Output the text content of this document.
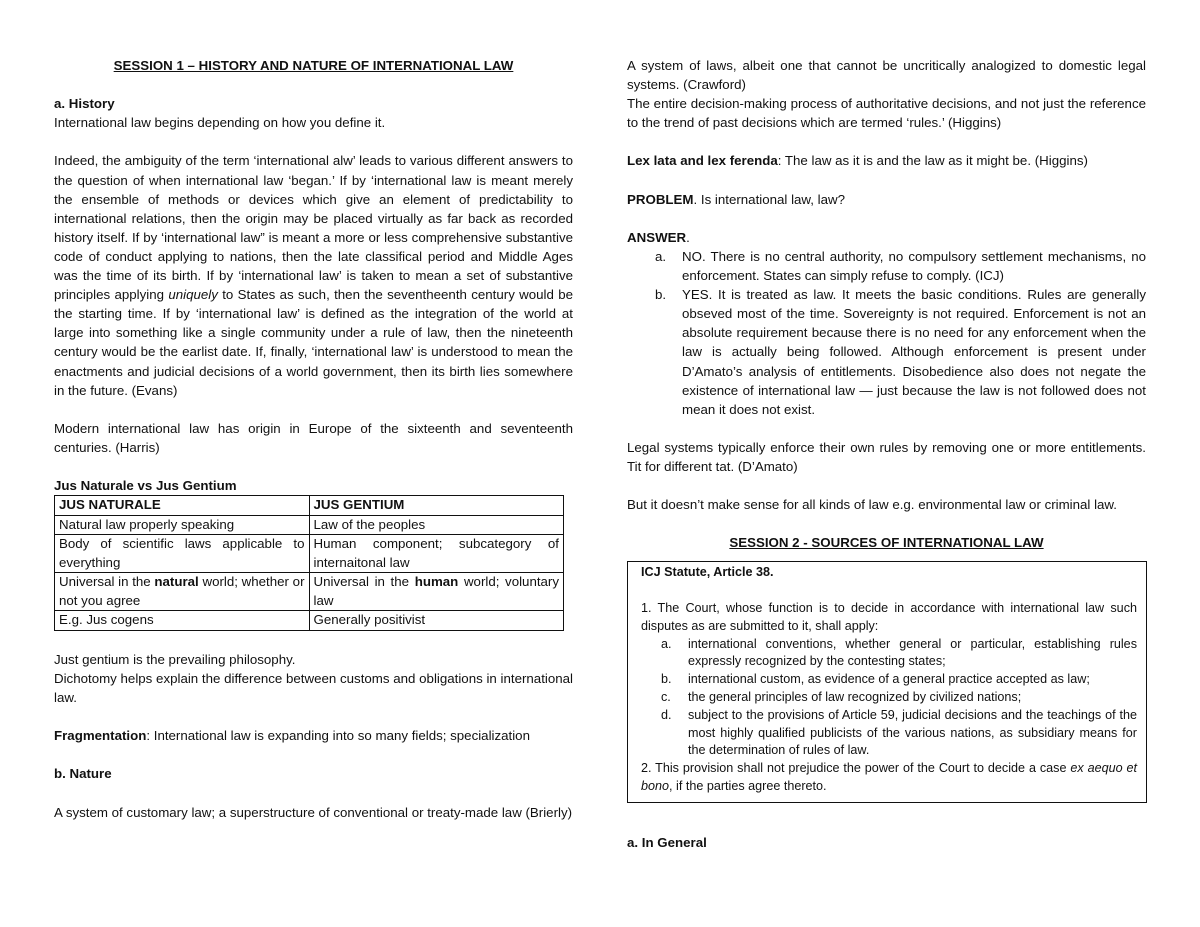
SESSION 1 – HISTORY AND NATURE OF INTERNATIONAL LAW

a. History

International law begins depending on how you define it.

Indeed, the ambiguity of the term ‘international alw’ leads to various different answers to the question of when international law ‘began.’ If by ‘international law is meant merely the ensemble of methods or devices which give an element of predictability to international relations, then the origin may be placed virtually as far back as recorded history itself. If by ‘international law” is meant a more or less comprehensive substantive code of conduct applying to nations, then the late classifical period and Middle Ages was the time of its birth. If by ‘international law’ is taken to mean a set of substantive principles applying uniquely to States as such, then the seventheenth century would be the starting time. If by ‘international law’ is defined as the integration of the world at large into something like a single community under a rule of law, then the nineteenth century would be the earlist date. If, finally, ‘international law’ is understood to mean the enactments and judicial decisions of a world government, then its birth lies somewhere in the future. (Evans)

Modern international law has origin in Europe of the sixteenth and seventeenth centuries. (Harris)

Jus Naturale vs Jus Gentium

JUS NATURALE	JUS GENTIUM
Natural law properly speaking	Law of the peoples
Body of scientific laws applicable to everything	Human component; subcategory of internaitonal law
Universal in the natural world; whether or not you agree	Universal in the human world; voluntary law
E.g. Jus cogens	Generally positivist

Just gentium is the prevailing philosophy.

Dichotomy helps explain the difference between customs and obligations in international law.

Fragmentation: International law is expanding into so many fields; specialization

b. Nature

A system of customary law; a superstructure of conventional or treaty-made law (Brierly)

A system of laws, albeit one that cannot be uncritically analogized to domestic legal systems. (Crawford)

The entire decision-making process of authoritative decisions, and not just the reference to the trend of past decisions which are termed ‘rules.’ (Higgins)

Lex lata and lex ferenda: The law as it is and the law as it might be. (Higgins)

PROBLEM. Is international law, law?

ANSWER.

a. NO. There is no central authority, no compulsory settlement mechanisms, no enforcement. States can simply refuse to comply. (ICJ)
b. YES. It is treated as law. It meets the basic conditions. Rules are generally obseved most of the time. Sovereignty is not required. Enforcement is not an absolute requirement because there is no need for any enforcement when the law is actually being followed. Although enforcement is present under D’Amato’s analysis of entitlements. Disobedience also does not negate the existence of international law — just because the law is not followed does not mean it does not exist.

Legal systems typically enforce their own rules by removing one or more entitlements. Tit for different tat. (D’Amato)

But it doesn’t make sense for all kinds of law e.g. environmental law or criminal law.

SESSION 2 - SOURCES OF INTERNATIONAL LAW

ICJ Statute, Article 38.

1. The Court, whose function is to decide in accordance with international law such disputes as are submitted to it, shall apply:

a. international conventions, whether general or particular, establishing rules expressly recognized by the contesting states;
b. international custom, as evidence of a general practice accepted as law;
c. the general principles of law recognized by civilized nations;
d. subject to the provisions of Article 59, judicial decisions and the teachings of the most highly qualified publicists of the various nations, as subsidiary means for the determination of rules of law.

2. This provision shall not prejudice the power of the Court to decide a case ex aequo et bono, if the parties agree thereto.

a. In General
